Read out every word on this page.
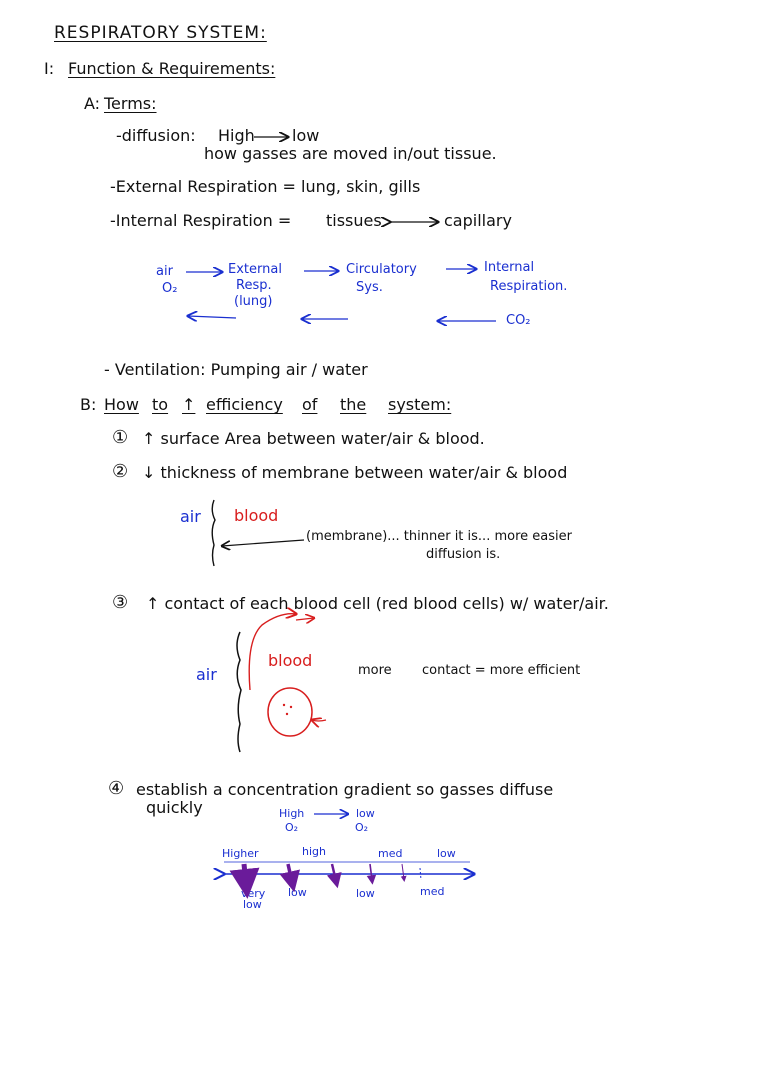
RESPIRATORY SYSTEM:
I: Function & Requirements:
A: Terms:
-diffusion: High low
how gasses are moved in/out tissue.
-External Respiration = lung, skin, gills
-Internal Respiration = tissues	capillary
air
O₂
External
Resp.
(lung)
Circulatory
Sys.
Internal
Respiration.
CO₂
- Ventilation: Pumping air / water
B: How to ↑ efficiency of the system:
① ↑ surface Area between water/air & blood.
② ↓ thickness of membrane between water/air & blood
air blood
(membrane)... thinner it is... more easier
diffusion is.
③ ↑ contact of each blood cell (red blood cells) w/ water/air.
air
blood
more contact = more efficient
④ establish a concentration gradient so gasses diffuse
quickly	High
O₂
low
O₂
Higher	high	med	low
very
low
low	low	med
